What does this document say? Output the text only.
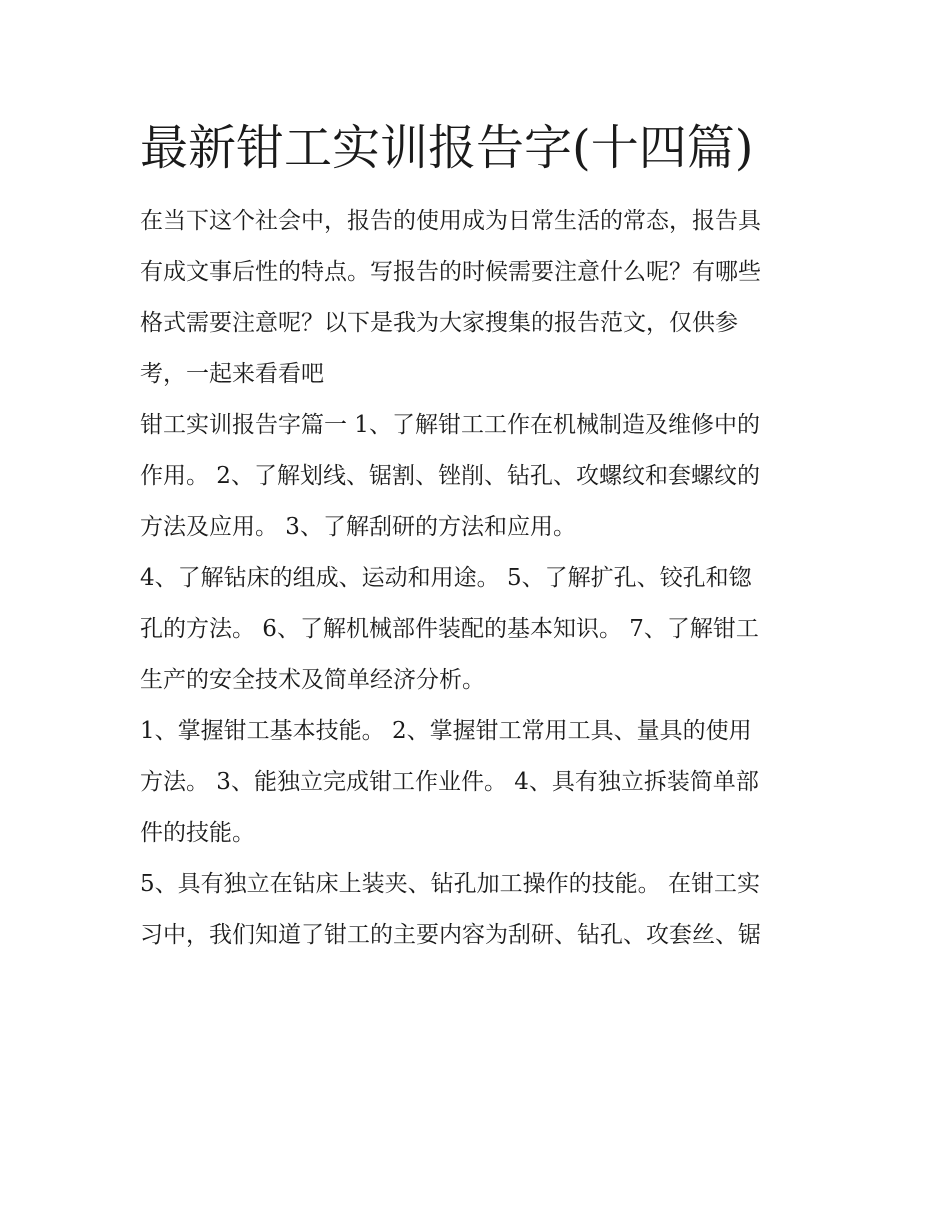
最新钳工实训报告字(十四篇)

在当下这个社会中，报告的使用成为日常生活的常态，报告具
有成文事后性的特点。写报告的时候需要注意什么呢？有哪些
格式需要注意呢？以下是我为大家搜集的报告范文，仅供参
考，一起来看看吧

钳工实训报告字篇一 1、了解钳工工作在机械制造及维修中的
作用。 2、了解划线、锯割、锉削、钻孔、攻螺纹和套螺纹的
方法及应用。 3、了解刮研的方法和应用。

4、了解钻床的组成、运动和用途。 5、了解扩孔、铰孔和锪
孔的方法。 6、了解机械部件装配的基本知识。 7、了解钳工
生产的安全技术及简单经济分析。

1、掌握钳工基本技能。 2、掌握钳工常用工具、量具的使用
方法。 3、能独立完成钳工作业件。 4、具有独立拆装简单部
件的技能。

5、具有独立在钻床上装夹、钻孔加工操作的技能。 在钳工实
习中，我们知道了钳工的主要内容为刮研、钻孔、攻套丝、锯
